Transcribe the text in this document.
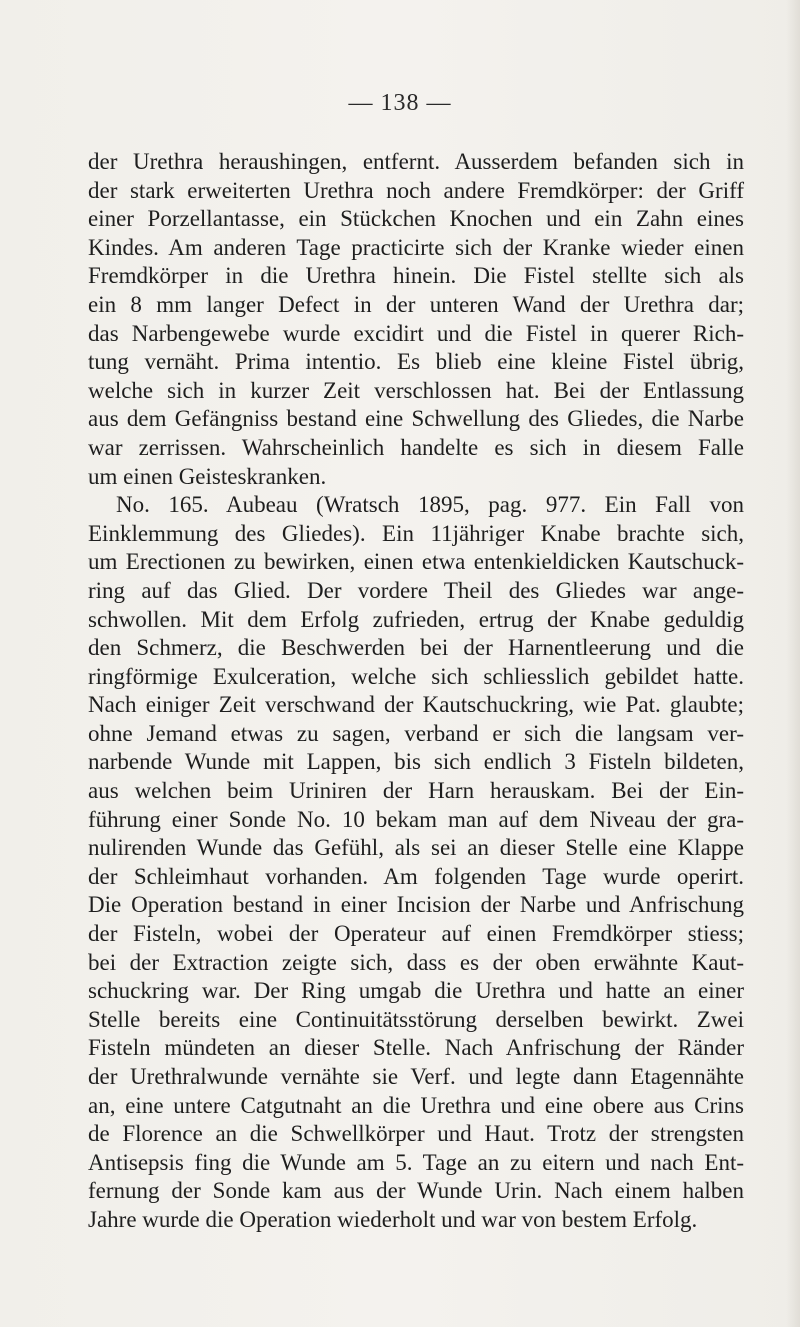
— 138 —
der Urethra heraushingen, entfernt. Ausserdem befanden sich in
der stark erweiterten Urethra noch andere Fremdkörper: der Griff
einer Porzellantasse, ein Stückchen Knochen und ein Zahn eines
Kindes. Am anderen Tage practicirte sich der Kranke wieder einen
Fremdkörper in die Urethra hinein. Die Fistel stellte sich als
ein 8 mm langer Defect in der unteren Wand der Urethra dar;
das Narbengewebe wurde excidirt und die Fistel in querer Rich-
tung vernäht. Prima intentio. Es blieb eine kleine Fistel übrig,
welche sich in kurzer Zeit verschlossen hat. Bei der Entlassung
aus dem Gefängniss bestand eine Schwellung des Gliedes, die Narbe
war zerrissen. Wahrscheinlich handelte es sich in diesem Falle
um einen Geisteskranken.
No. 165. Aubeau (Wratsch 1895, pag. 977. Ein Fall von
Einklemmung des Gliedes). Ein 11jähriger Knabe brachte sich,
um Erectionen zu bewirken, einen etwa entenkieldicken Kautschuck-
ring auf das Glied. Der vordere Theil des Gliedes war ange-
schwollen. Mit dem Erfolg zufrieden, ertrug der Knabe geduldig
den Schmerz, die Beschwerden bei der Harnentleerung und die
ringförmige Exulceration, welche sich schliesslich gebildet hatte.
Nach einiger Zeit verschwand der Kautschuckring, wie Pat. glaubte;
ohne Jemand etwas zu sagen, verband er sich die langsam ver-
narbende Wunde mit Lappen, bis sich endlich 3 Fisteln bildeten,
aus welchen beim Uriniren der Harn herauskam. Bei der Ein-
führung einer Sonde No. 10 bekam man auf dem Niveau der gra-
nulirenden Wunde das Gefühl, als sei an dieser Stelle eine Klappe
der Schleimhaut vorhanden. Am folgenden Tage wurde operirt.
Die Operation bestand in einer Incision der Narbe und Anfrischung
der Fisteln, wobei der Operateur auf einen Fremdkörper stiess;
bei der Extraction zeigte sich, dass es der oben erwähnte Kaut-
schuckring war. Der Ring umgab die Urethra und hatte an einer
Stelle bereits eine Continuitätsstörung derselben bewirkt. Zwei
Fisteln mündeten an dieser Stelle. Nach Anfrischung der Ränder
der Urethralwunde vernähte sie Verf. und legte dann Etagennähte
an, eine untere Catgutnaht an die Urethra und eine obere aus Crins
de Florence an die Schwellkörper und Haut. Trotz der strengsten
Antisepsis fing die Wunde am 5. Tage an zu eitern und nach Ent-
fernung der Sonde kam aus der Wunde Urin. Nach einem halben
Jahre wurde die Operation wiederholt und war von bestem Erfolg.
